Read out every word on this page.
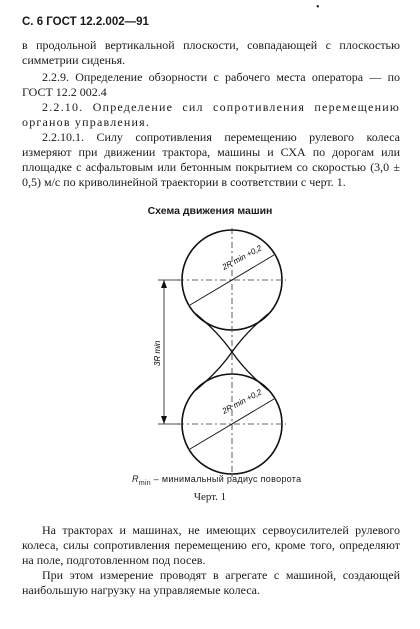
•
С. 6 ГОСТ 12.2.002—91
в продольной вертикальной плоскости, совпадающей с плоскостью симметрии сиденья.
2.2.9. Определение обзорности с рабочего места оператора — по ГОСТ 12.2 002.4
2.2.10. Определение сил сопротивления перемещению органов управления.
2.2.10.1. Силу сопротивления перемещению рулевого колеса измеряют при движении трактора, машины и СХА по дорогам или площадке с асфальтовым или бетонным покрытием со скоростью (3,0 ± 0,5) м/с по криволинейной траектории в соответствии с черт. 1.
Схема движения машин
2R min +0,2
2R min +0,2
3R min
$R_{min}$ – минимальный радиус поворота
Черт. 1
На тракторах и машинах, не имеющих сервоусилителей рулевого колеса, силы сопротивления перемещению его, кроме того, определяют на поле, подготовленном под посев.
При этом измерение проводят в агрегате с машиной, создающей наибольшую нагрузку на управляемые колеса.
